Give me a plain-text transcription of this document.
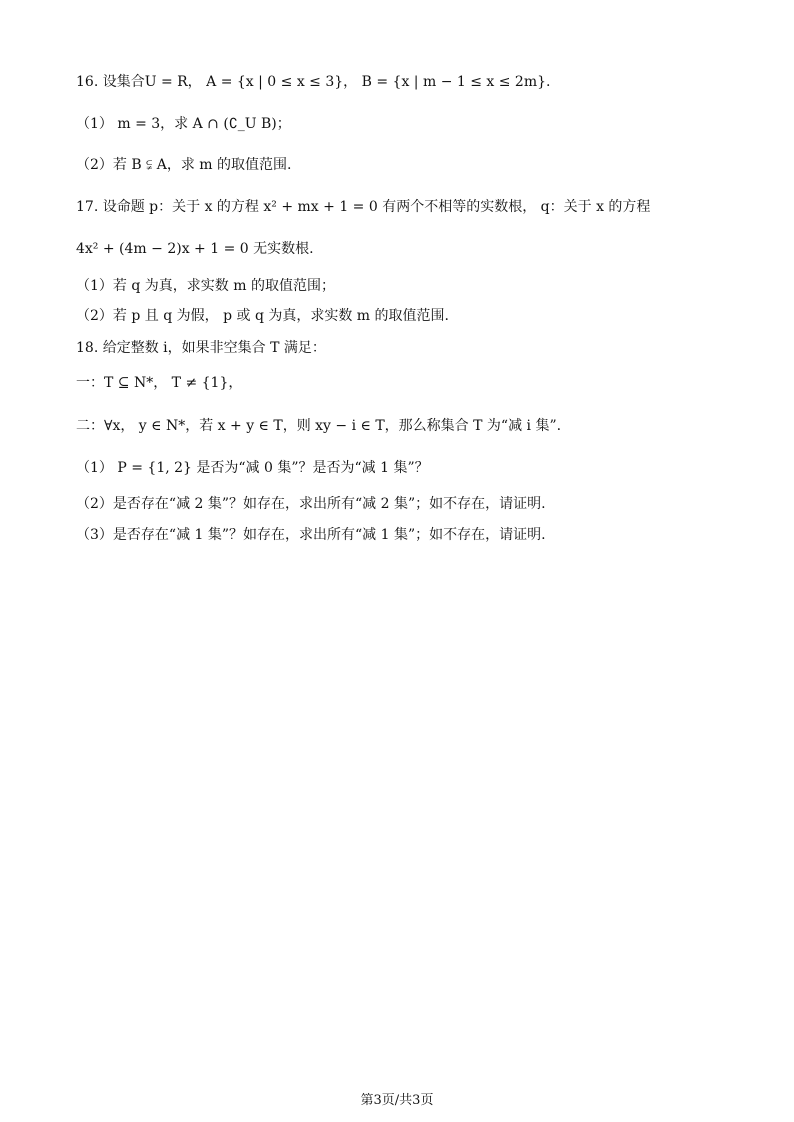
16. 设集合U = R， A = {x | 0 ≤ x ≤ 3}， B = {x | m − 1 ≤ x ≤ 2m}.
（1） m = 3，求 A ∩ (∁_U B)；
（2）若 B ⫋ A，求 m 的取值范围.
17. 设命题 p：关于 x 的方程 x² + mx + 1 = 0 有两个不相等的实数根， q：关于 x 的方程
4x² + (4m − 2)x + 1 = 0 无实数根.
（1）若 q 为真，求实数 m 的取值范围；
（2）若 p 且 q 为假， p 或 q 为真，求实数 m 的取值范围.
18. 给定整数 i，如果非空集合 T 满足：
一：T ⊆ N*， T ≠ {1}，
二：∀x， y ∈ N*，若 x + y ∈ T，则 xy − i ∈ T，那么称集合 T 为“减 i 集”.
（1） P = {1, 2} 是否为“减 0 集”？是否为“减 1 集”？
（2）是否存在“减 2 集”？如存在，求出所有“减 2 集”；如不存在，请证明.
（3）是否存在“减 1 集”？如存在，求出所有“减 1 集”；如不存在，请证明.
第3页/共3页
